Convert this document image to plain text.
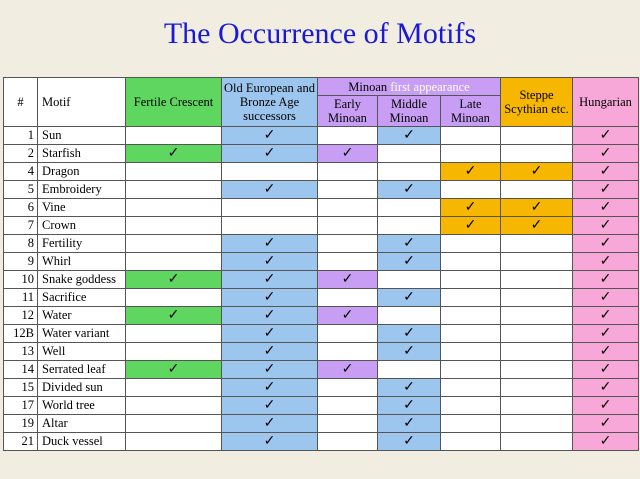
The Occurrence of Motifs
#	Motif	Fertile Crescent	Old European and Bronze Age successors	Minoan first appearance			Steppe Scythian etc.	Hungarian
				Early Minoan	Middle Minoan	Late Minoan		
1	Sun		✓		✓			✓
2	Starfish	✓	✓	✓				✓
4	Dragon					✓	✓	✓
5	Embroidery		✓		✓			✓
6	Vine					✓	✓	✓
7	Crown					✓	✓	✓
8	Fertility		✓		✓			✓
9	Whirl		✓		✓			✓
10	Snake goddess	✓	✓	✓				✓
11	Sacrifice		✓		✓			✓
12	Water	✓	✓	✓				✓
12B	Water variant		✓		✓			✓
13	Well		✓		✓			✓
14	Serrated leaf	✓	✓	✓				✓
15	Divided sun		✓		✓			✓
17	World tree		✓		✓			✓
19	Altar		✓		✓			✓
21	Duck vessel		✓		✓			✓
